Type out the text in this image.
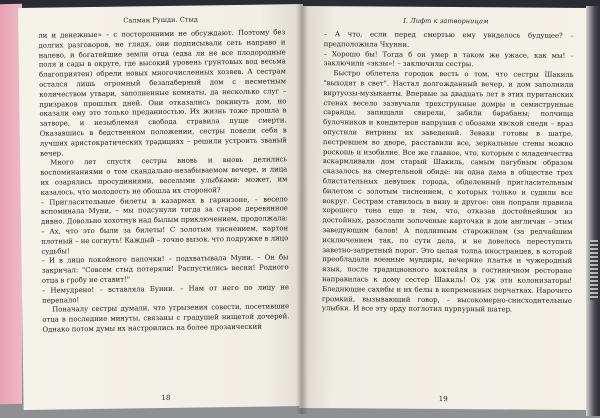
Салман Рушди. Стыд

ли и денежные» – с посторонними не обсуждают. Поэтому без долгих разговоров, не глядя, они подписывали сеть направо и налево, и богатейшие земли отца (едва ли не все плодородные поля и сады в округе, где высокий уровень грунтовых вод весьма благоприятен) обрели новых многочисленных хозяев. А сестрам остался лишь огромный безалаберный дом с несметным количеством утвари, заполненные комнаты, да несколько слуг – призраков прошлых дней. Они отказались покинуть дом, но оказали ему это только преданностью. Их жизнь тоже прошла в затворе, и незыблемая свобода стравила пуще смерти. Оказавшись в бедственном положении, сестры повели себя в лучших аристократических традициях – решили устроить званый вечер.

Много лет спустя сестры вновь и вновь делились воспоминаниями о том скандально-незабываемом вечере, и лица их озарялись просудиниями, веселыми улыбками: может, им казалось, что молодость не обошла их стороной?

– Пригласительные билеты в казармах в гарнизоне, – весело вспоминала Муни, – мы подсунули тогда за старое деревянное дивно. Довольно хохотнув над былым приключением, продолжала: – Ах, что это были за билеты! С золотым тиснением, картон плотный – не согнуть! Каждый – точно вызов, что подружке в лицо судьбы!

– И в лицо покойного папочки! – подхватывала Муни. – Он бы закричал: "Совсем стыд потеряли! Распустились весни! Родного отца в гробу не ставит!"

– Немудрено! – вставляла Бунни. – Нам от него по лицу не перепало!

Поначалу сестры думали, что угрызения совести, посетившие отца в последние минуты, связаны с градущей нищетой дочерей. Однако потом думы их настроились на более прозаический

18
I. Лифт к затворницам

– А что, если перед смертью ему увиделось будущее? – предположила Чхунни.

– Хорошо бы! Тогда б он умер в таком же ужасе, как мы! – заключили «экзы»! – заключили сестры.

Быстро облетела городок весть о том, что сестры Шакиль "выходят в свет". Настал долгожданный вечер, и дом заполнили виртуозы-музыканты. Впервые за двадцать лет в этих пуританских стенах весело зазвучали трехструнные домры и семиструнные саранды, запищали свирели, забили барабаны; полчища булочников и кондитеров напрунив с обозами явской снеди – враз опустили витрины их заведений. Зеваки готовы в шатре, пестревшем во дворе, расставили все, зеркальные стены можно роскошь и изобилие. Все же главное, что, которым с младенчества вскармливали дом старый Шакиль, самым пагубным образом сказалось на смертельной обиде: ни одна дама в обществе трех блистательных девушек города, обделенный пригласительным билетом с золотым тиснением, с которых только и судили все вокруг. Сестрам ставилось в вину и другое: они попрали правила хорошего тона еще и тем, что, отказав достойнейшим из достойных, разослали золоченые карточки в дом англичан – этим заведующим балов! А подлинным старожилам (за редчайшим исключением так, по сути дела, и не довелось переступить заветно-запретный порог. Это целая толпа иностранцев, в которой преобладали военные мундиры, вечерние платья и чужеродный язык, после традиционного коктейля в гостиничном ресторане направилась к дому сестер Шакиль! Ох уж эти колонизаторы! Бледнющие сахибы и их белы в непременных перчатках. Нарочито громкий, вызывающий говор, – высокомерно-снисходительные улыбки. И все эту орду поглотил пурпурный шатер.

19
